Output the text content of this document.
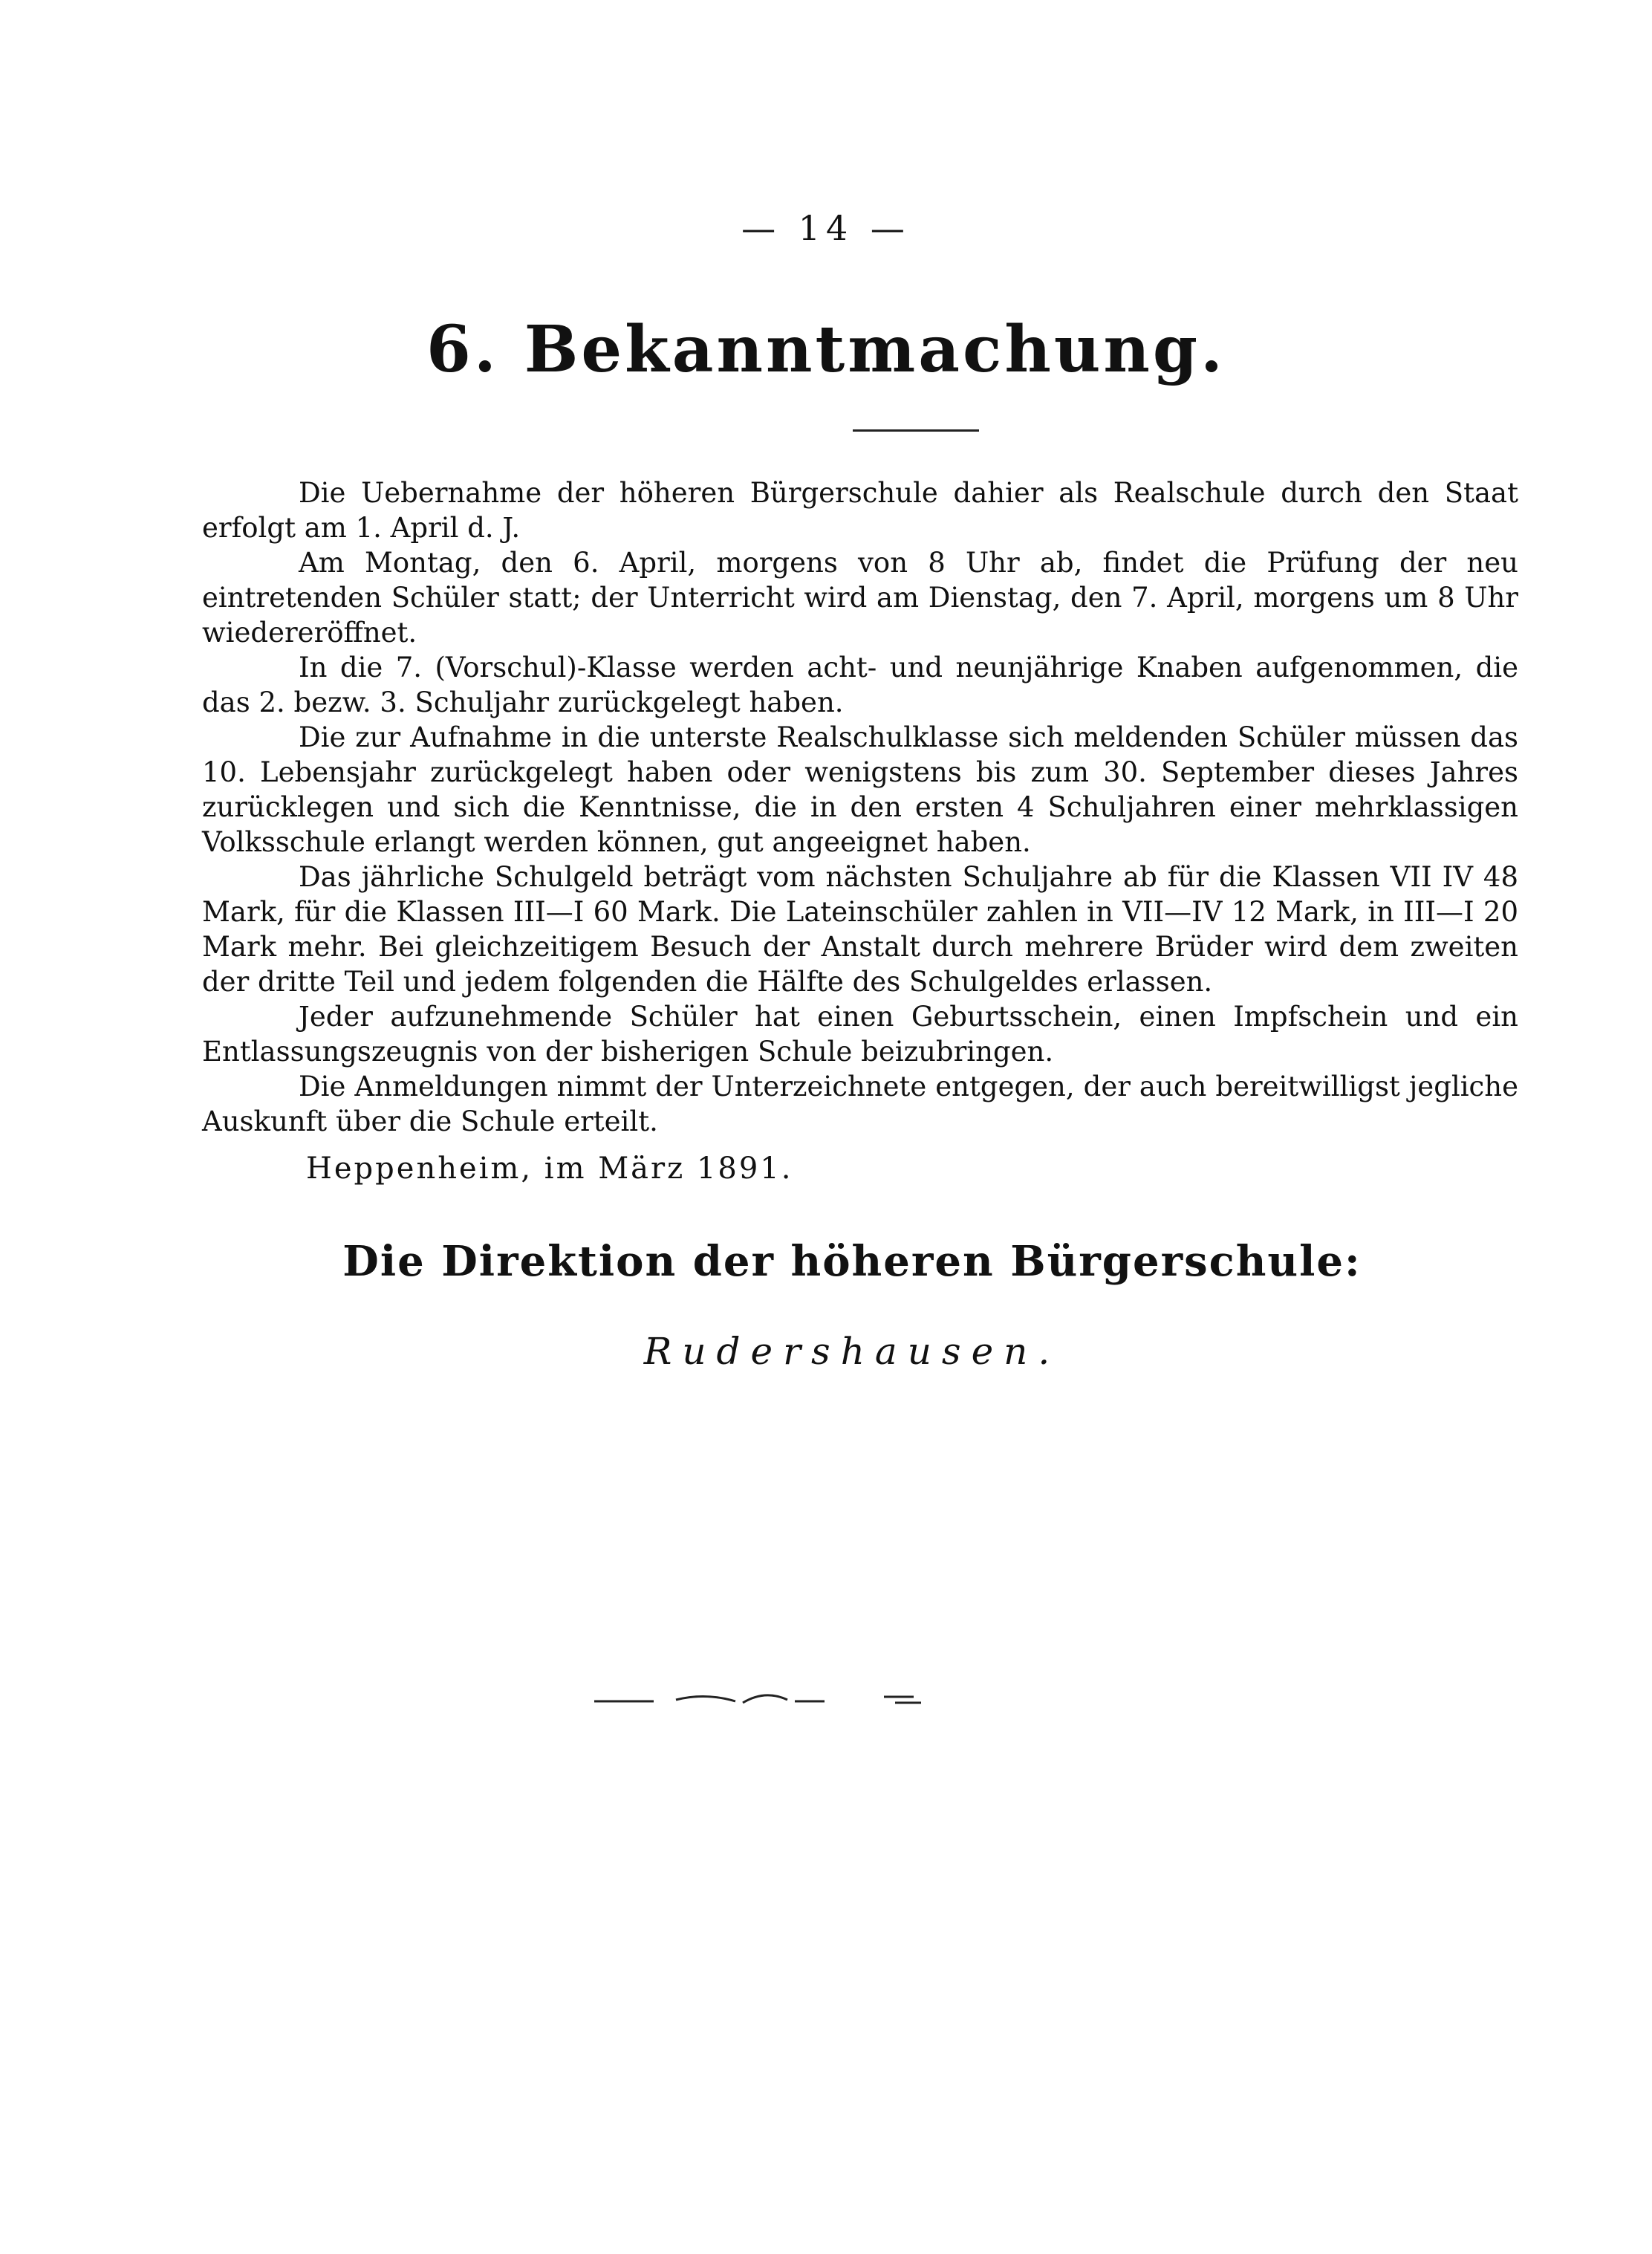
— 14 —
6. Bekanntmachung.

Die Uebernahme der höheren Bürgerschule dahier als Realschule durch den Staat erfolgt am 1. April d. J.

Am Montag, den 6. April, morgens von 8 Uhr ab, findet die Prüfung der neu eintretenden Schüler statt; der Unterricht wird am Dienstag, den 7. April, morgens um 8 Uhr wiedereröffnet.

In die 7. (Vorschul)-Klasse werden acht- und neunjährige Knaben aufgenommen, die das 2. bezw. 3. Schuljahr zurückgelegt haben.

Die zur Aufnahme in die unterste Realschulklasse sich meldenden Schüler müssen das 10. Lebensjahr zurückgelegt haben oder wenigstens bis zum 30. September dieses Jahres zurücklegen und sich die Kenntnisse, die in den ersten 4 Schuljahren einer mehrklassigen Volksschule erlangt werden können, gut angeeignet haben.

Das jährliche Schulgeld beträgt vom nächsten Schuljahre ab für die Klassen VII IV 48 Mark, für die Klassen III—I 60 Mark. Die Lateinschüler zahlen in VII—IV 12 Mark, in III—I 20 Mark mehr. Bei gleichzeitigem Besuch der Anstalt durch mehrere Brüder wird dem zweiten der dritte Teil und jedem folgenden die Hälfte des Schulgeldes erlassen.

Jeder aufzunehmende Schüler hat einen Geburtsschein, einen Impfschein und ein Entlassungszeugnis von der bisherigen Schule beizubringen.

Die Anmeldungen nimmt der Unterzeichnete entgegen, der auch bereitwilligst jegliche Auskunft über die Schule erteilt.

Heppenheim, im März 1891.
Die Direktion der höheren Bürgerschule:
Rudershausen.
